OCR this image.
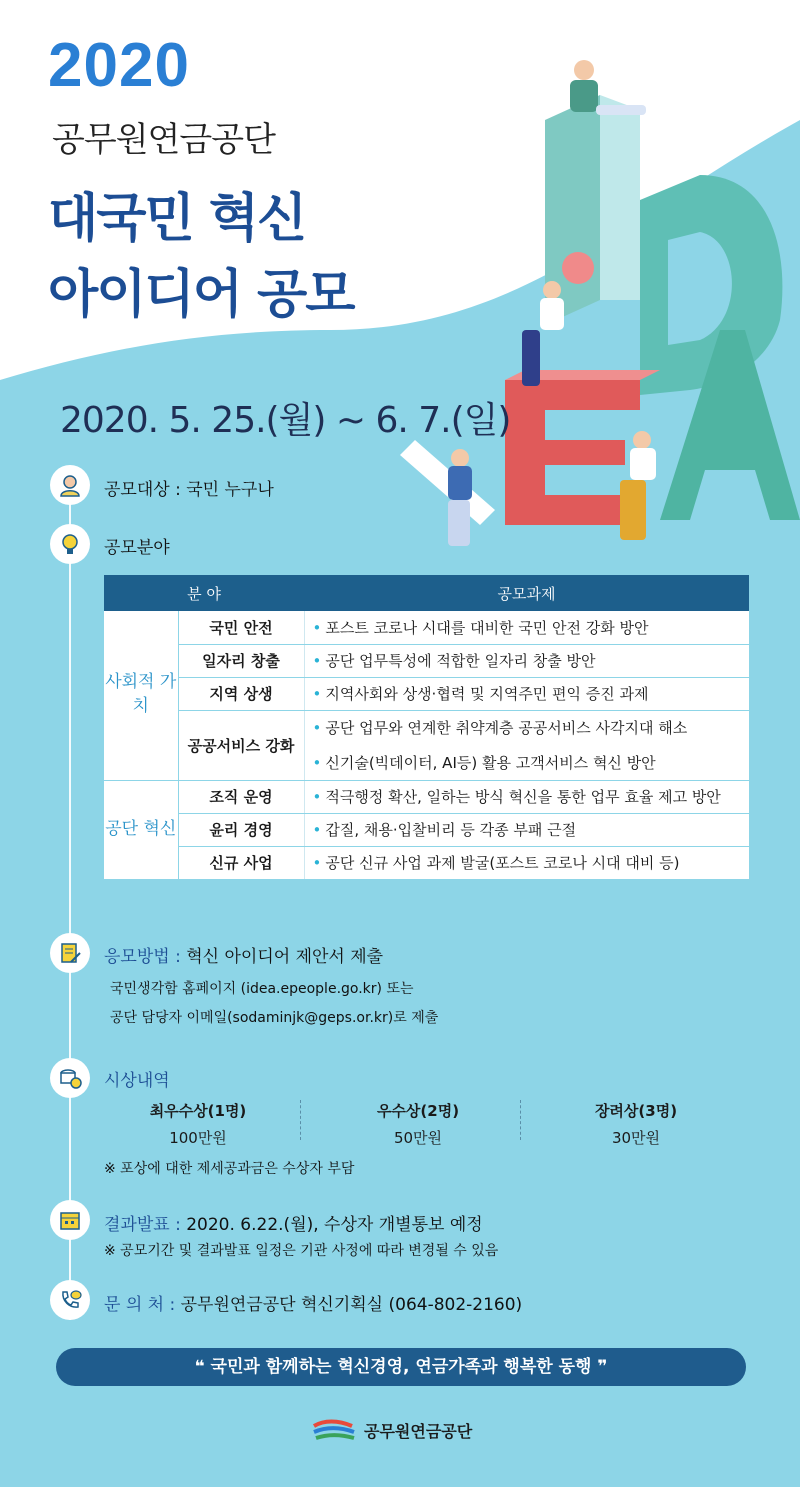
2020
공무원연금공단
대국민 혁신
아이디어 공모
2020. 5. 25.(월) ~ 6. 7.(일)
공모대상 : 국민 누구나
공모분야
분 야		공모과제
사회적 가치	국민 안전	• 포스트 코로나 시대를 대비한 국민 안전 강화 방안
	일자리 창출	• 공단 업무특성에 적합한 일자리 창출 방안
	지역 상생	• 지역사회와 상생·협력 및 지역주민 편익 증진 과제
	공공서비스 강화	• 공단 업무와 연계한 취약계층 공공서비스 사각지대 해소
		• 신기술(빅데이터, AI등) 활용 고객서비스 혁신 방안
공단 혁신	조직 운영	• 적극행정 확산, 일하는 방식 혁신을 통한 업무 효율 제고 방안
	윤리 경영	• 갑질, 채용·입찰비리 등 각종 부패 근절
	신규 사업	• 공단 신규 사업 과제 발굴(포스트 코로나 시대 대비 등)
응모방법 : 혁신 아이디어 제안서 제출
국민생각함 홈페이지 (idea.epeople.go.kr) 또는
공단 담당자 이메일(sodaminjk@geps.or.kr)로 제출
시상내역
최우수상(1명)
100만원
우수상(2명)
50만원
장려상(3명)
30만원
※ 포상에 대한 제세공과금은 수상자 부담
결과발표 : 2020. 6.22.(월), 수상자 개별통보 예정
※ 공모기간 및 결과발표 일정은 기관 사정에 따라 변경될 수 있음
문 의 처 : 공무원연금공단 혁신기획실 (064-802-2160)
❝ 국민과 함께하는 혁신경영, 연금가족과 행복한 동행 ❞
공무원연금공단
